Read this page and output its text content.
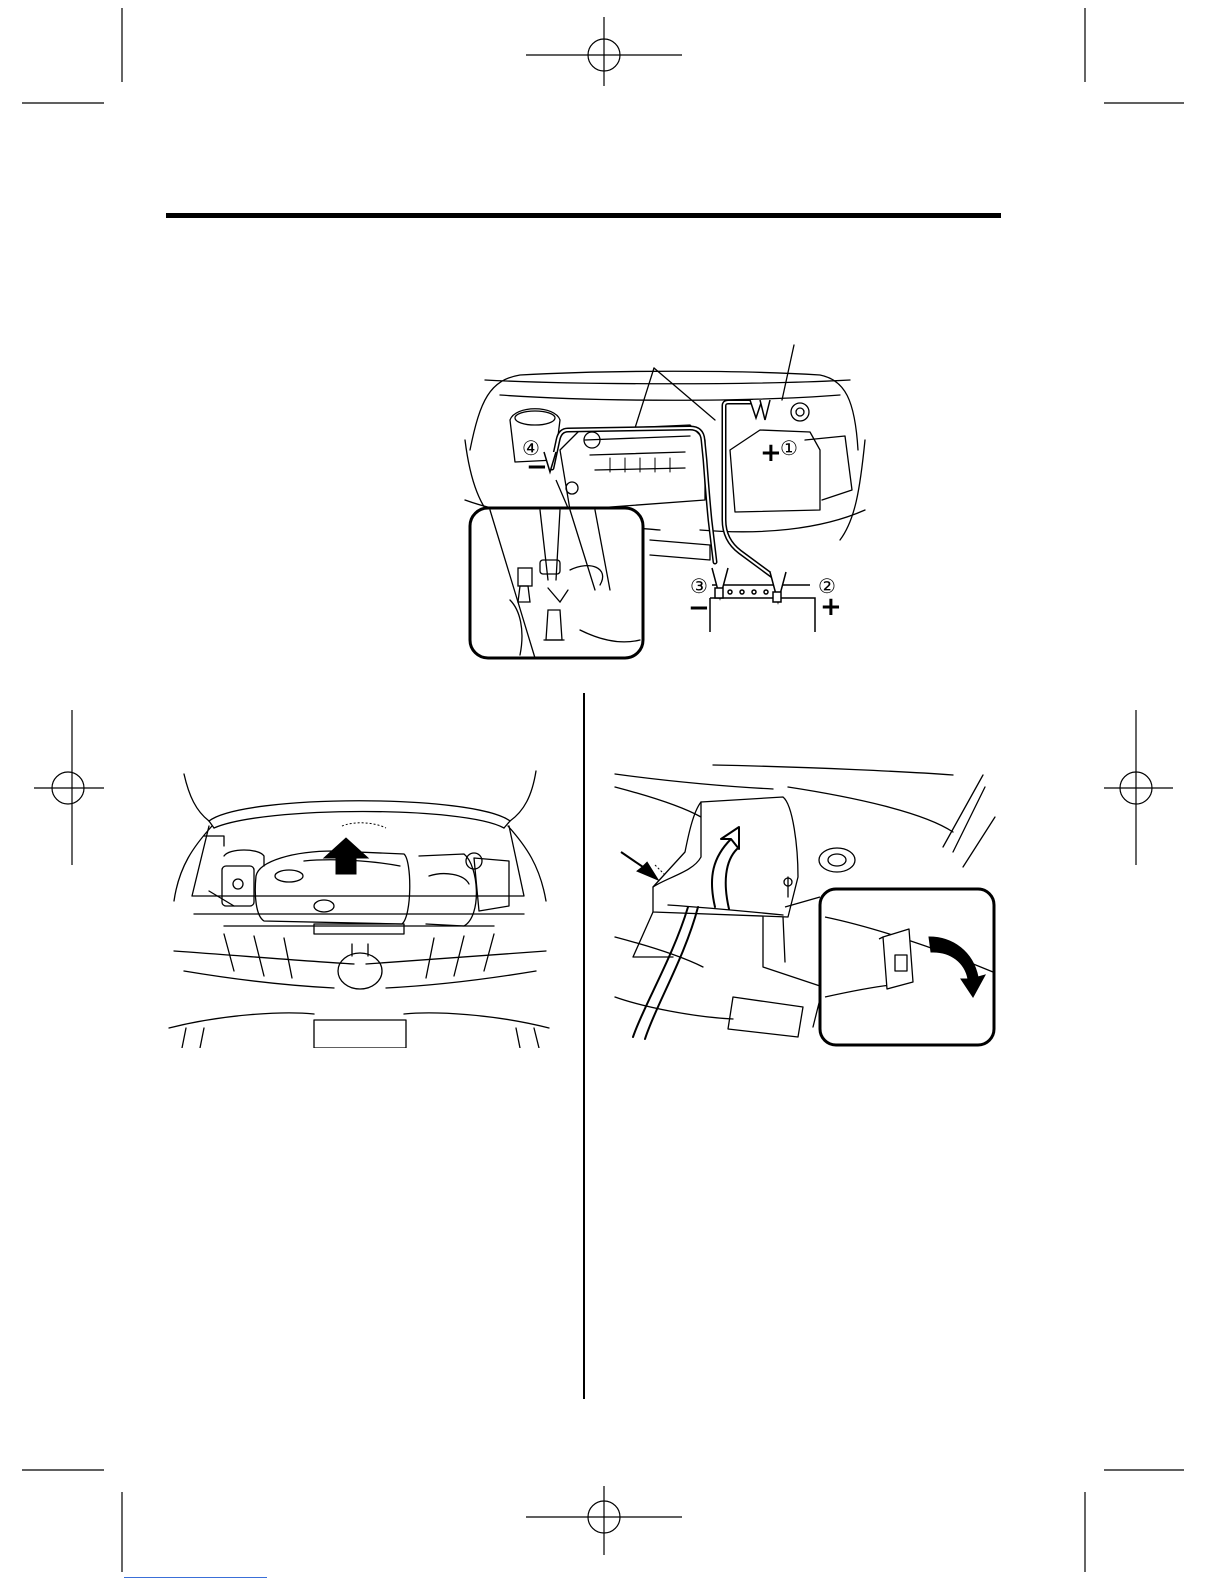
④
−	+
①
③
−
②
+
